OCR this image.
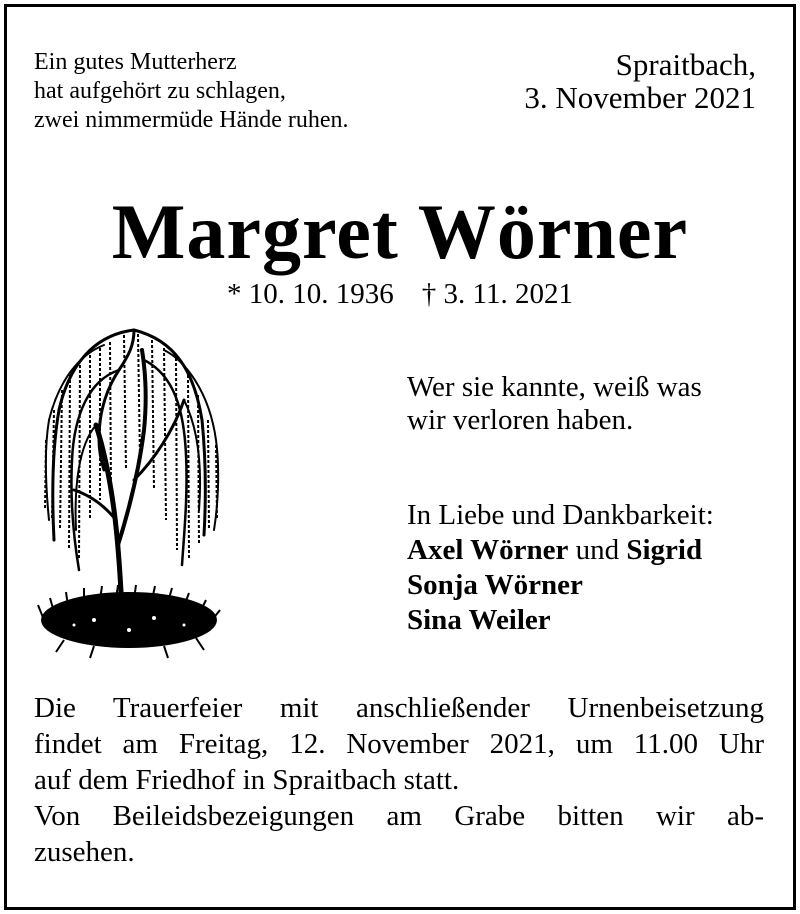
Ein gutes Mutterherz
hat aufgehört zu schlagen,
zwei nimmermüde Hände ruhen.
Spraitbach,
3. November 2021
Margret Wörner
* 10. 10. 1936 † 3. 11. 2021
Wer sie kannte, weiß was
wir verloren haben.
In Liebe und Dankbarkeit:
Axel Wörner und Sigrid
Sonja Wörner
Sina Weiler
Die Trauerfeier mit anschließender Urnenbeisetzung
findet am Freitag, 12. November 2021, um 11.00 Uhr
auf dem Friedhof in Spraitbach statt.
Von Beileidsbezeigungen am Grabe bitten wir ab-
zusehen.
